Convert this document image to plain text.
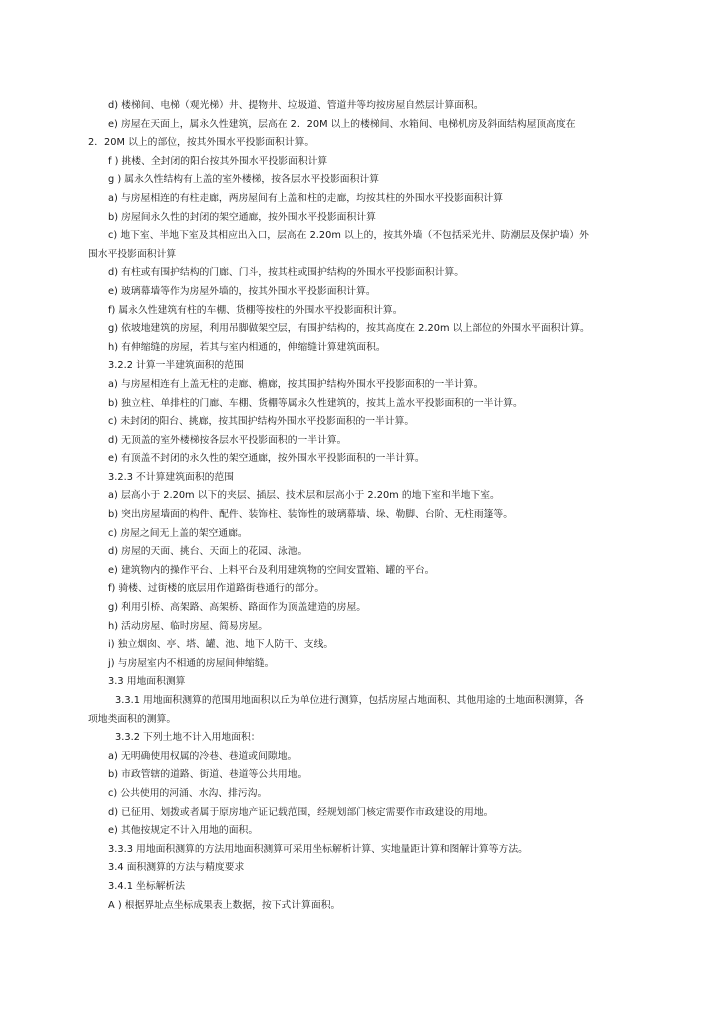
d) 楼梯间、电梯（观光梯）井、提物井、垃圾道、管道井等均按房屋自然层计算面积。
e) 房屋在天面上，属永久性建筑，层高在 2．20M 以上的楼梯间、水箱间、电梯机房及斜面结构屋顶高度在
2．20M 以上的部位，按其外围水平投影面积计算。
f ) 挑楼、全封闭的阳台按其外围水平投影面积计算
g ) 属永久性结构有上盖的室外楼梯，按各层水平投影面积计算
a) 与房屋相连的有柱走廊，两房屋间有上盖和柱的走廊，均按其柱的外围水平投影面积计算
b) 房屋间永久性的封闭的架空通廊，按外围水平投影面积计算
c) 地下室、半地下室及其相应出入口，层高在 2.20m 以上的，按其外墙（不包括采光井、防潮层及保护墙）外
围水平投影面积计算
d) 有柱或有围护结构的门廊、门斗，按其柱或围护结构的外围水平投影面积计算。
e) 玻璃幕墙等作为房屋外墙的，按其外围水平投影面积计算。
f) 属永久性建筑有柱的车棚、货棚等按柱的外围水平投影面积计算。
g) 依坡地建筑的房屋，利用吊脚做架空层，有围护结构的，按其高度在 2.20m 以上部位的外围水平面积计算。
h) 有伸缩缝的房屋，若其与室内相通的，伸缩缝计算建筑面积。
3.2.2 计算一半建筑面积的范围
a) 与房屋相连有上盖无柱的走廊、檐廊，按其围护结构外围水平投影面积的一半计算。
b) 独立柱、单排柱的门廊、车棚、货棚等属永久性建筑的，按其上盖水平投影面积的一半计算。
c) 未封闭的阳台、挑廊，按其围护结构外围水平投影面积的一半计算。
d) 无顶盖的室外楼梯按各层水平投影面积的一半计算。
e) 有顶盖不封闭的永久性的架空通廊，按外围水平投影面积的一半计算。
3.2.3 不计算建筑面积的范围
a) 层高小于 2.20m 以下的夹层、插层、技术层和层高小于 2.20m 的地下室和半地下室。
b) 突出房屋墙面的构件、配件、装饰柱、装饰性的玻璃幕墙、垛、勒脚、台阶、无柱雨篷等。
c) 房屋之间无上盖的架空通廊。
d) 房屋的天面、挑台、天面上的花园、泳池。
e) 建筑物内的操作平台、上料平台及利用建筑物的空间安置箱、罐的平台。
f) 骑楼、过街楼的底层用作道路街巷通行的部分。
g) 利用引桥、高架路、高架桥、路面作为顶盖建造的房屋。
h) 活动房屋、临时房屋、简易房屋。
i) 独立烟囱、亭、塔、罐、池、地下人防干、支线。
j) 与房屋室内不相通的房屋间伸缩缝。
3.3 用地面积测算
3.3.1 用地面积测算的范围用地面积以丘为单位进行测算，包括房屋占地面积、其他用途的土地面积测算，各
项地类面积的测算。
3.3.2 下列土地不计入用地面积：
a) 无明确使用权属的冷巷、巷道或间隙地。
b) 市政管辖的道路、街道、巷道等公共用地。
c) 公共使用的河涌、水沟、排污沟。
d) 已征用、划拨或者属于原房地产证记载范围，经规划部门核定需要作市政建设的用地。
e) 其他按规定不计入用地的面积。
3.3.3 用地面积测算的方法用地面积测算可采用坐标解析计算、实地量距计算和图解计算等方法。
3.4 面积测算的方法与精度要求
3.4.1 坐标解析法
A ) 根据界址点坐标成果表上数据，按下式计算面积。
